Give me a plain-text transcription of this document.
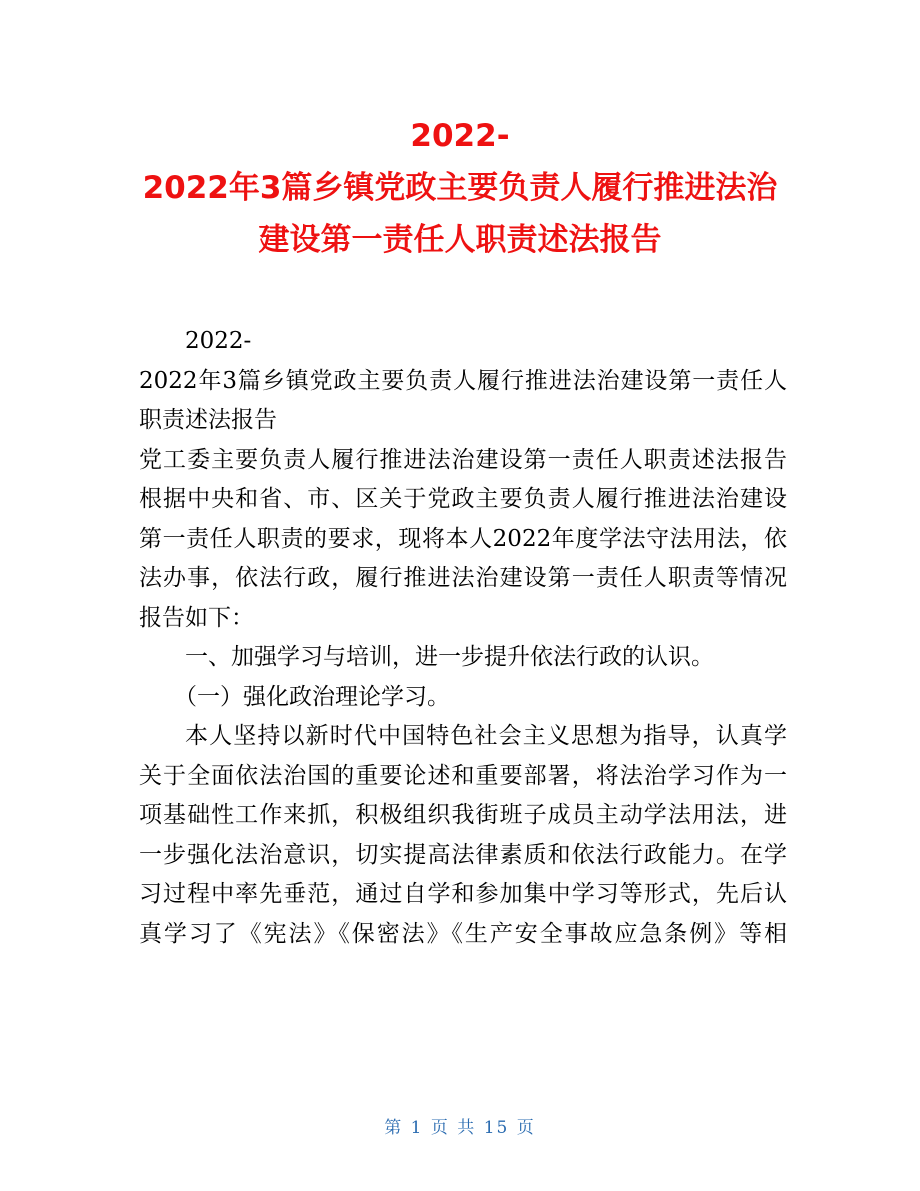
2022-
2022年3篇乡镇党政主要负责人履行推进法治
建设第一责任人职责述法报告
2022-
2022年3篇乡镇党政主要负责人履行推进法治建设第一责任人
职责述法报告
党工委主要负责人履行推进法治建设第一责任人职责述法报告
根据中央和省、市、区关于党政主要负责人履行推进法治建设
第一责任人职责的要求，现将本人2022年度学法守法用法，依
法办事，依法行政，履行推进法治建设第一责任人职责等情况
报告如下：
一、加强学习与培训，进一步提升依法行政的认识。
（一）强化政治理论学习。
本人坚持以新时代中国特色社会主义思想为指导，认真学
关于全面依法治国的重要论述和重要部署，将法治学习作为一
项基础性工作来抓，积极组织我街班子成员主动学法用法，进
一步强化法治意识，切实提高法律素质和依法行政能力。在学
习过程中率先垂范，通过自学和参加集中学习等形式，先后认
真学习了《宪法》《保密法》《生产安全事故应急条例》等相
第 1 页 共 15 页
